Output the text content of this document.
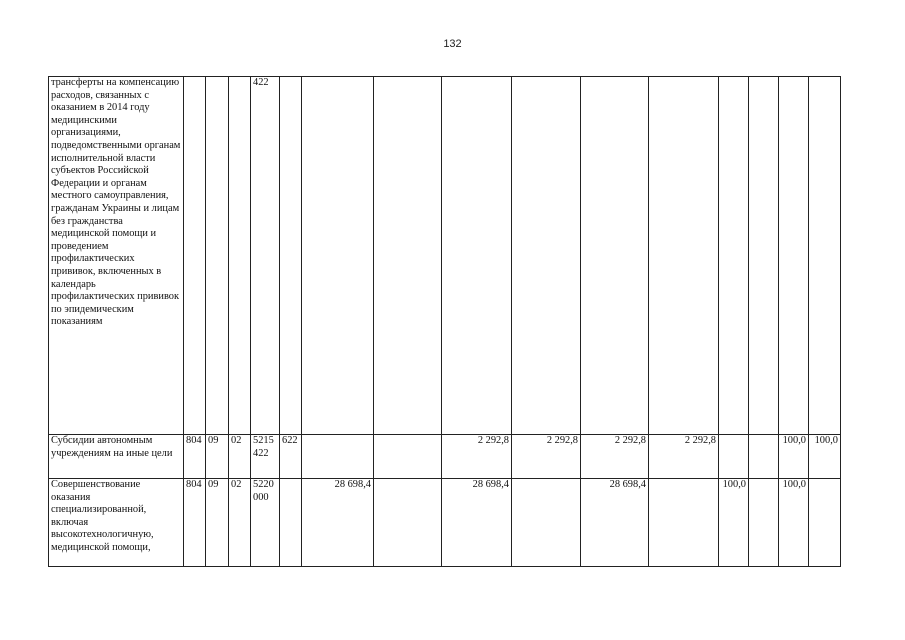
132
трансферты на компенсацию расходов, связанных с оказанием в 2014 году медицинскими организациями, подведомственными органам исполнительной власти субъектов Российской Федерации и органам местного самоуправления, гражданам Украины и лицам без гражданства медицинской помощи и проведением профилактических прививок, включенных в календарь профилактических прививок по эпидемическим показаниям				422											
Субсидии автономным учреждениям на иные цели	804	09	02	5215 422	622			2 292,8	2 292,8	2 292,8	2 292,8			100,0	100,0
Совершенствование оказания специализированной, включая высокотехнологичную, медицинской помощи,	804	09	02	5220 000		28 698,4		28 698,4		28 698,4		100,0		100,0	
